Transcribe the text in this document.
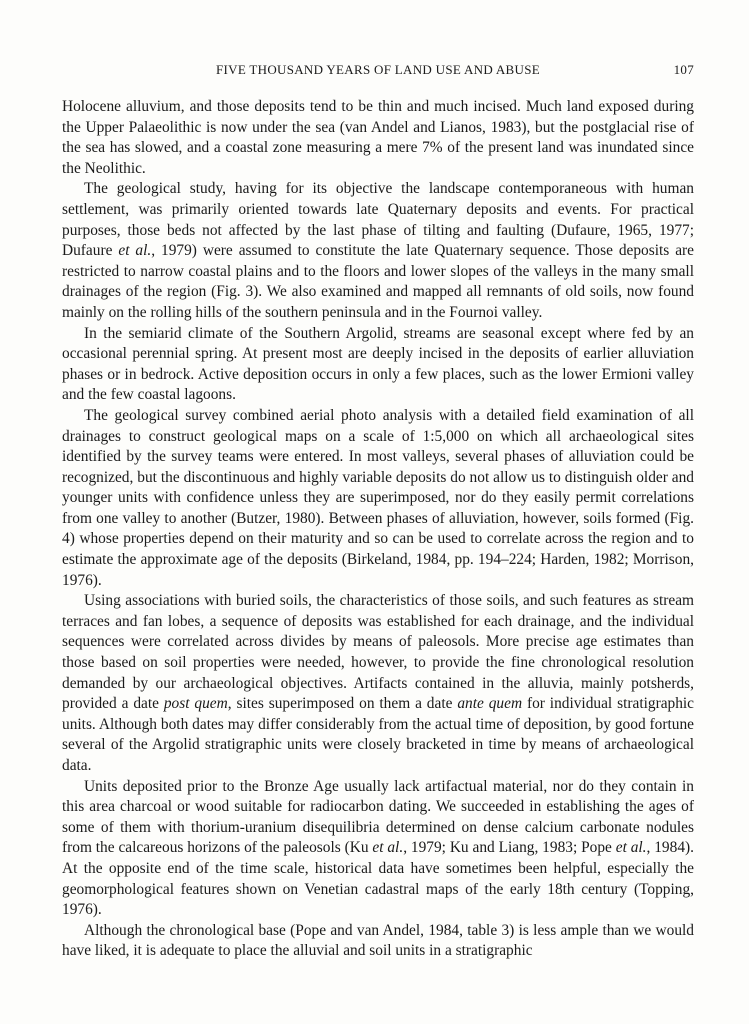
FIVE THOUSAND YEARS OF LAND USE AND ABUSE	107

Holocene alluvium, and those deposits tend to be thin and much incised. Much land exposed during the Upper Palaeolithic is now under the sea (van Andel and Lianos, 1983), but the postglacial rise of the sea has slowed, and a coastal zone measuring a mere 7% of the present land was inundated since the Neolithic.

The geological study, having for its objective the landscape contemporaneous with human settlement, was primarily oriented towards late Quaternary deposits and events. For practical purposes, those beds not affected by the last phase of tilting and faulting (Dufaure, 1965, 1977; Dufaure et al., 1979) were assumed to constitute the late Quaternary sequence. Those deposits are restricted to narrow coastal plains and to the floors and lower slopes of the valleys in the many small drainages of the region (Fig. 3). We also examined and mapped all remnants of old soils, now found mainly on the rolling hills of the southern peninsula and in the Fournoi valley.

In the semiarid climate of the Southern Argolid, streams are seasonal except where fed by an occasional perennial spring. At present most are deeply incised in the deposits of earlier alluviation phases or in bedrock. Active deposition occurs in only a few places, such as the lower Ermioni valley and the few coastal lagoons.

The geological survey combined aerial photo analysis with a detailed field examination of all drainages to construct geological maps on a scale of 1:5,000 on which all archaeological sites identified by the survey teams were entered. In most valleys, several phases of alluviation could be recognized, but the discontinuous and highly variable deposits do not allow us to distinguish older and younger units with confidence unless they are superimposed, nor do they easily permit correlations from one valley to another (Butzer, 1980). Between phases of alluviation, however, soils formed (Fig. 4) whose properties depend on their maturity and so can be used to correlate across the region and to estimate the approximate age of the deposits (Birkeland, 1984, pp. 194–224; Harden, 1982; Morrison, 1976).

Using associations with buried soils, the characteristics of those soils, and such features as stream terraces and fan lobes, a sequence of deposits was established for each drainage, and the individual sequences were correlated across divides by means of paleosols. More precise age estimates than those based on soil properties were needed, however, to provide the fine chronological resolution demanded by our archaeological objectives. Artifacts contained in the alluvia, mainly potsherds, provided a date post quem, sites superimposed on them a date ante quem for individual stratigraphic units. Although both dates may differ considerably from the actual time of deposition, by good fortune several of the Argolid stratigraphic units were closely bracketed in time by means of archaeological data.

Units deposited prior to the Bronze Age usually lack artifactual material, nor do they contain in this area charcoal or wood suitable for radiocarbon dating. We succeeded in establishing the ages of some of them with thorium-uranium disequilibria determined on dense calcium carbonate nodules from the calcareous horizons of the paleosols (Ku et al., 1979; Ku and Liang, 1983; Pope et al., 1984). At the opposite end of the time scale, historical data have sometimes been helpful, especially the geomorphological features shown on Venetian cadastral maps of the early 18th century (Topping, 1976).

Although the chronological base (Pope and van Andel, 1984, table 3) is less ample than we would have liked, it is adequate to place the alluvial and soil units in a stratigraphic
